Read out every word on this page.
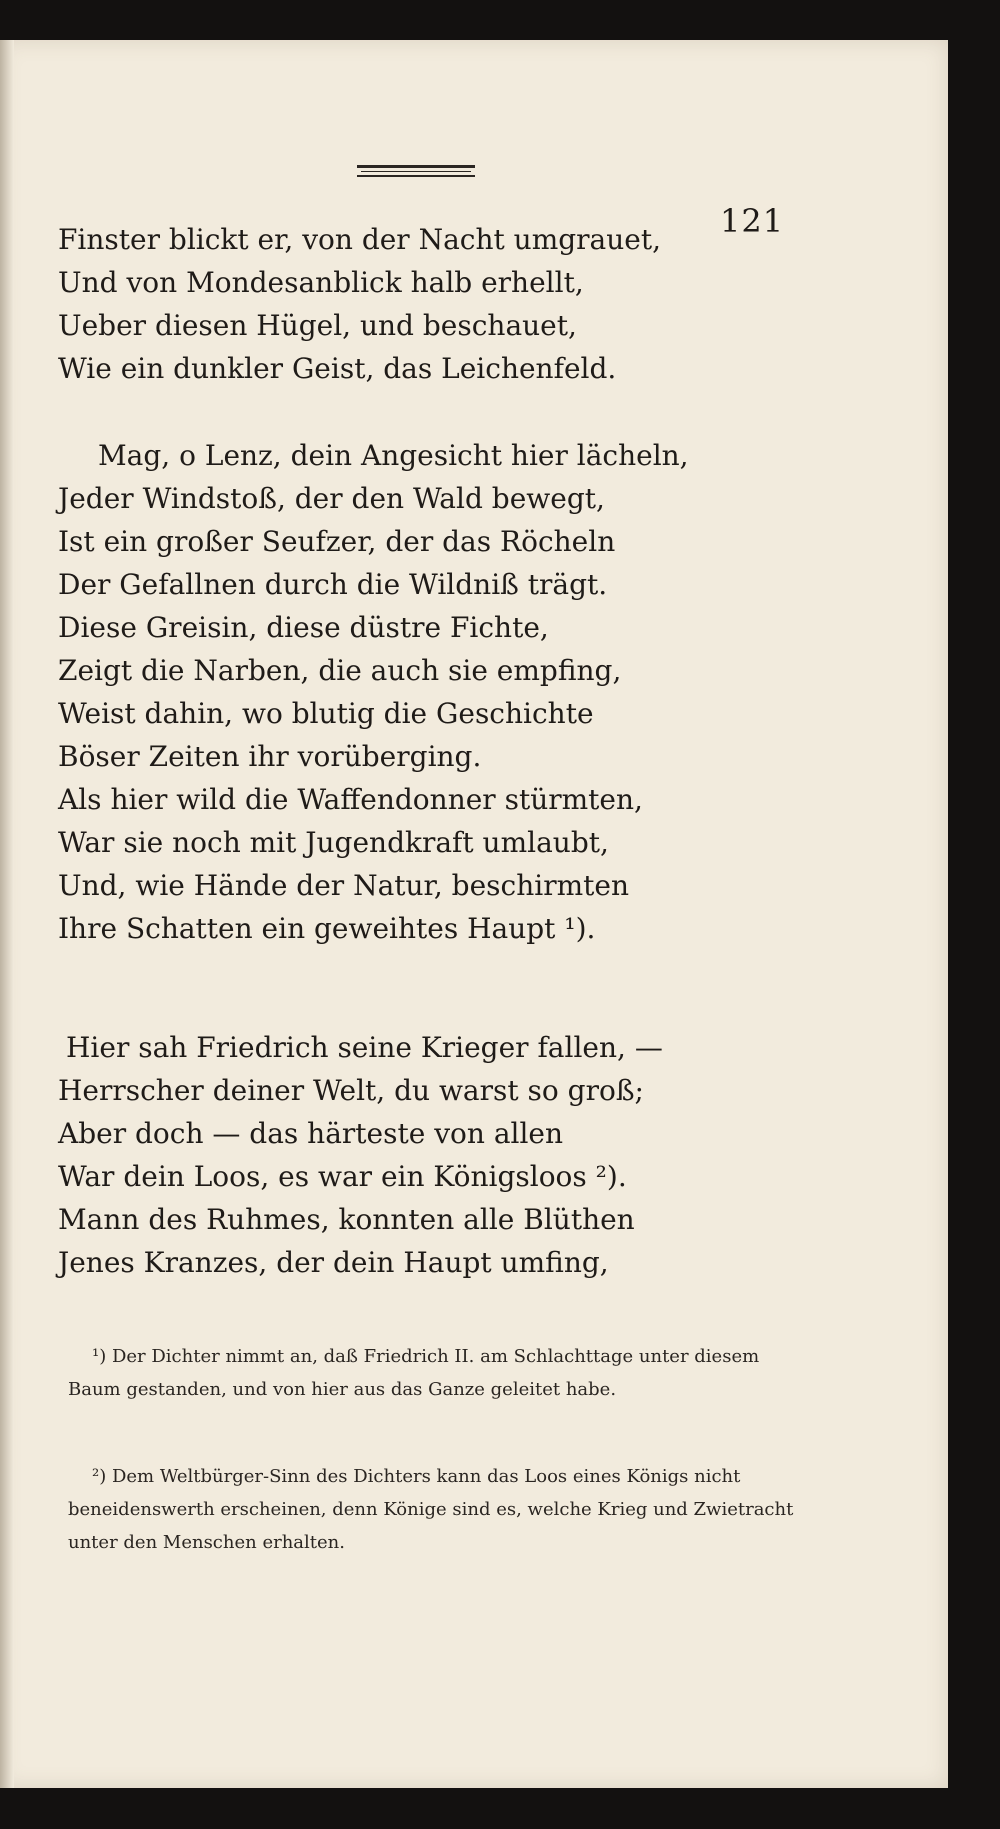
121
Finster blickt er, von der Nacht umgrauet,
Und von Mondesanblick halb erhellt,
Ueber diesen Hügel, und beschauet,
Wie ein dunkler Geist, das Leichenfeld.
Mag, o Lenz, dein Angesicht hier lächeln,
Jeder Windstoß, der den Wald bewegt,
Ist ein großer Seufzer, der das Röcheln
Der Gefallnen durch die Wildniß trägt.
Diese Greisin, diese düstre Fichte,
Zeigt die Narben, die auch sie empfing,
Weist dahin, wo blutig die Geschichte
Böser Zeiten ihr vorüberging.
Als hier wild die Waffendonner stürmten,
War sie noch mit Jugendkraft umlaubt,
Und, wie Hände der Natur, beschirmten
Ihre Schatten ein geweihtes Haupt ¹).
Hier sah Friedrich seine Krieger fallen, —
Herrscher deiner Welt, du warst so groß;
Aber doch — das härteste von allen
War dein Loos, es war ein Königsloos ²).
Mann des Ruhmes, konnten alle Blüthen
Jenes Kranzes, der dein Haupt umfing,

¹) Der Dichter nimmt an, daß Friedrich II. am Schlachttage unter diesem Baum gestanden, und von hier aus das Ganze geleitet habe.

²) Dem Weltbürger-Sinn des Dichters kann das Loos eines Königs nicht beneidenswerth erscheinen, denn Könige sind es, welche Krieg und Zwietracht unter den Menschen erhalten.
